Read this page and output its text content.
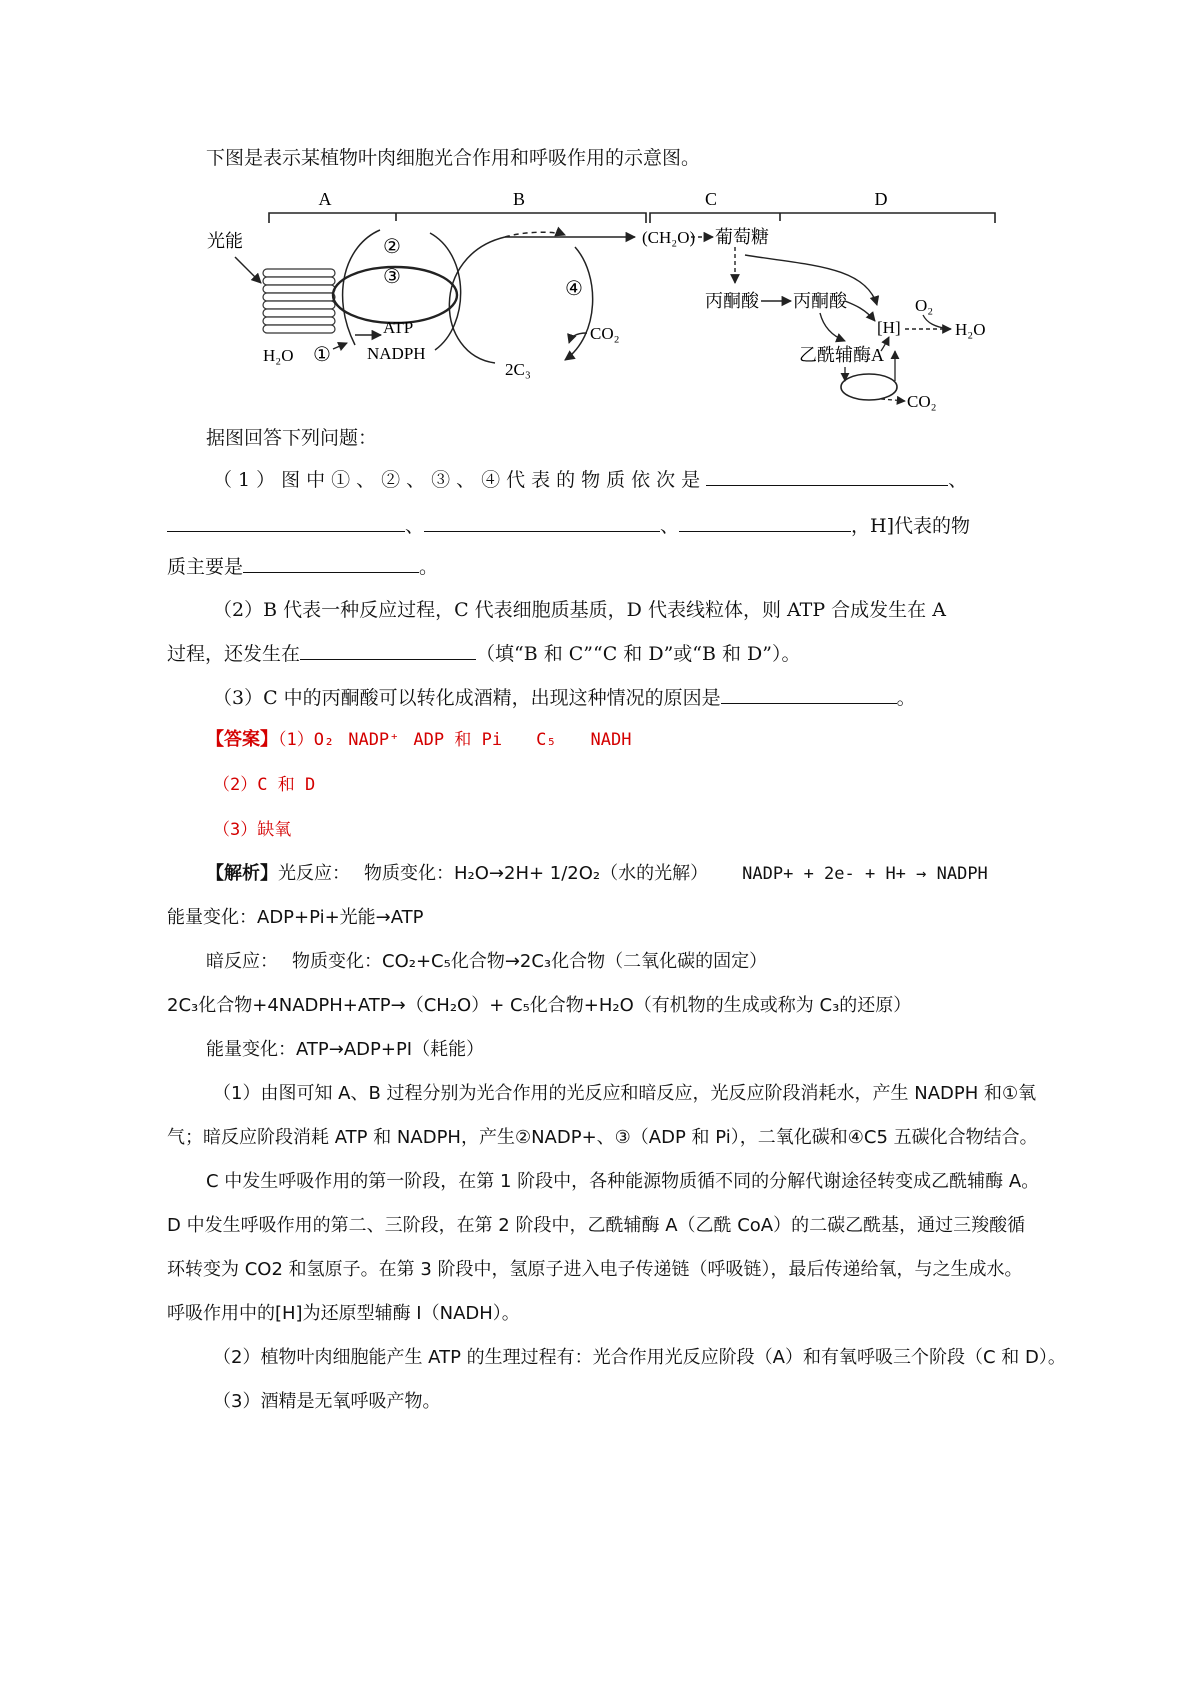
下图是表示某植物叶肉细胞光合作用和呼吸作用的示意图。
A	B	C	D
光能	②
③
ATP
NADPH
H₂O ①
④
CO₂
2C₃
(CH₂O) 葡萄糖
丙酮酸 丙酮酸
[H]
O₂
H₂O
乙酰辅酶A
CO₂
据图回答下列问题：
（1）图中①、②、③、④代表的物质依次是	、
、	、	，H]代表的物
质主要是	。
（2）B 代表一种反应过程，C 代表细胞质基质，D 代表线粒体，则 ATP 合成发生在 A
过程，还发生在	（填“B 和 C”“C 和 D”或“B 和 D”）。
（3）C 中的丙酮酸可以转化成酒精，出现这种情况的原因是	。
【答案】（1）O₂ NADP⁺ ADP 和 Pi C₅ NADH
（2）C 和 D
（3）缺氧
【解析】光反应： 物质变化：H₂O→2H+ 1/2O₂（水的光解） NADP+ + 2e- + H+ → NADPH
能量变化：ADP+Pi+光能→ATP
暗反应： 物质变化：CO₂+C₅化合物→2C₃化合物（二氧化碳的固定）
2C₃化合物+4NADPH+ATP→（CH₂O）+ C₅化合物+H₂O（有机物的生成或称为 C₃的还原）
能量变化：ATP→ADP+PI（耗能）
（1）由图可知 A、B 过程分别为光合作用的光反应和暗反应，光反应阶段消耗水，产生 NADPH 和①氧
气；暗反应阶段消耗 ATP 和 NADPH，产生②NADP+、③（ADP 和 Pi），二氧化碳和④C5 五碳化合物结合。
C 中发生呼吸作用的第一阶段，在第 1 阶段中，各种能源物质循不同的分解代谢途径转变成乙酰辅酶 A。
D 中发生呼吸作用的第二、三阶段，在第 2 阶段中，乙酰辅酶 A（乙酰 CoA）的二碳乙酰基，通过三羧酸循
环转变为 CO2 和氢原子。在第 3 阶段中，氢原子进入电子传递链（呼吸链），最后传递给氧，与之生成水。
呼吸作用中的[H]为还原型辅酶 I（NADH）。
（2）植物叶肉细胞能产生 ATP 的生理过程有：光合作用光反应阶段（A）和有氧呼吸三个阶段（C 和 D）。
（3）酒精是无氧呼吸产物。
